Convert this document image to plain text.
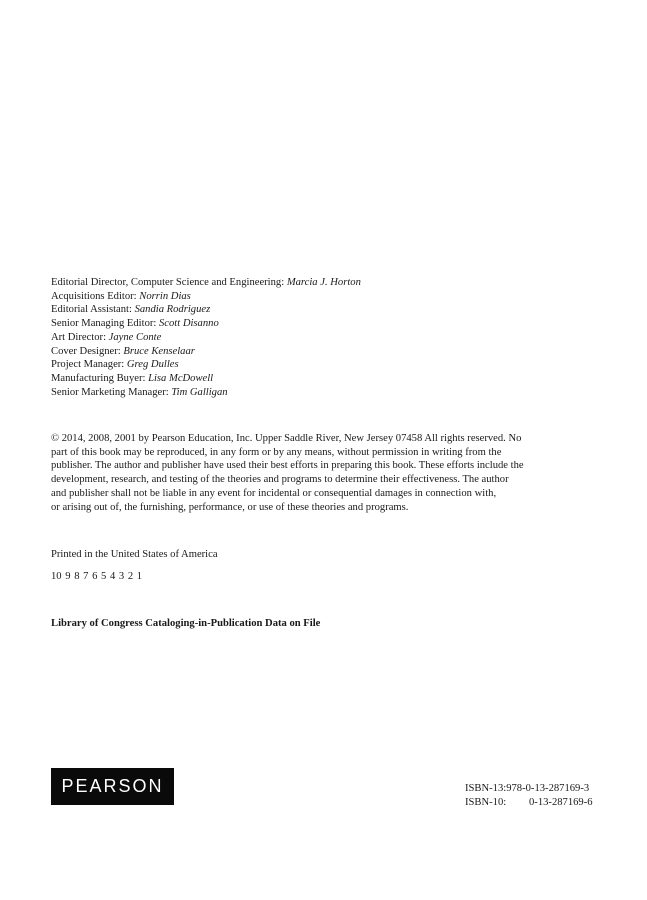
Editorial Director, Computer Science and Engineering: Marcia J. Horton
Acquisitions Editor: Norrin Dias
Editorial Assistant: Sandia Rodriguez
Senior Managing Editor: Scott Disanno
Art Director: Jayne Conte
Cover Designer: Bruce Kenselaar
Project Manager: Greg Dulles
Manufacturing Buyer: Lisa McDowell
Senior Marketing Manager: Tim Galligan
© 2014, 2008, 2001 by Pearson Education, Inc. Upper Saddle River, New Jersey 07458 All rights reserved. No
part of this book may be reproduced, in any form or by any means, without permission in writing from the
publisher. The author and publisher have used their best efforts in preparing this book. These efforts include the
development, research, and testing of the theories and programs to determine their effectiveness. The author
and publisher shall not be liable in any event for incidental or consequential damages in connection with,
or arising out of, the furnishing, performance, or use of these theories and programs.
Printed in the United States of America
10 9 8 7 6 5 4 3 2 1
Library of Congress Cataloging-in-Publication Data on File
PEARSON	ISBN-13:978-0-13-287169-3
ISBN-10: 0-13-287169-6
